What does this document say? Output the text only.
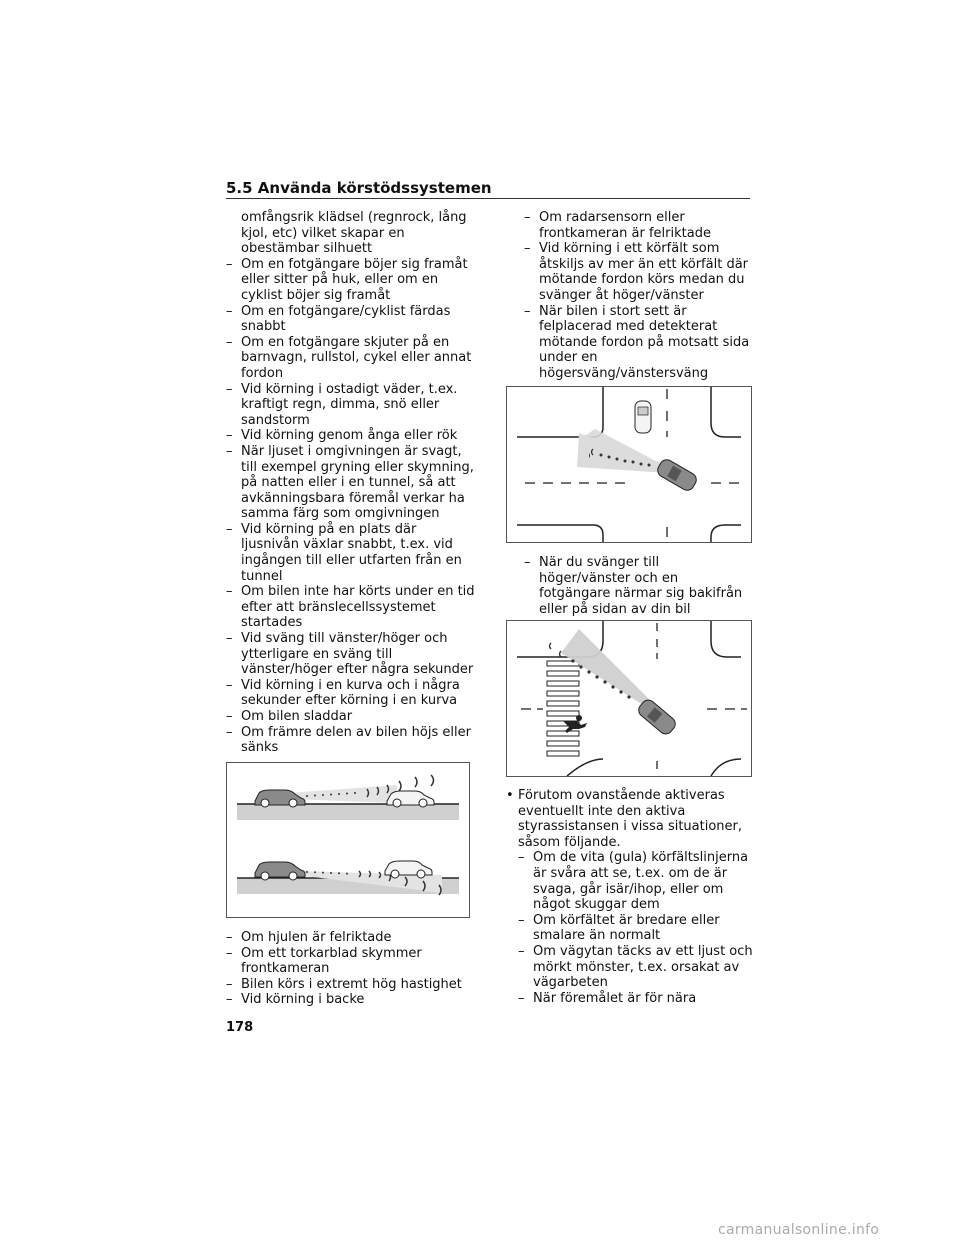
5.5 Använda körstödssystemen
omfångsrik klädsel (regnrock, lång kjol, etc) vilket skapar en obestämbar silhuett
– Om en fotgängare böjer sig framåt eller sitter på huk, eller om en cyklist böjer sig framåt
– Om en fotgängare/cyklist färdas snabbt
– Om en fotgängare skjuter på en barnvagn, rullstol, cykel eller annat fordon
– Vid körning i ostadigt väder, t.ex. kraftigt regn, dimma, snö eller sandstorm
– Vid körning genom ånga eller rök
– När ljuset i omgivningen är svagt, till exempel gryning eller skymning, på natten eller i en tunnel, så att avkänningsbara föremål verkar ha samma färg som omgivningen
– Vid körning på en plats där ljusnivån växlar snabbt, t.ex. vid ingången till eller utfarten från en tunnel
– Om bilen inte har körts under en tid efter att bränslecellssystemet startades
– Vid sväng till vänster/höger och ytterligare en sväng till vänster/höger efter några sekunder
– Vid körning i en kurva och i några sekunder efter körning i en kurva
– Om bilen sladdar
– Om främre delen av bilen höjs eller sänks
– Om hjulen är felriktade
– Om ett torkarblad skymmer frontkameran
– Bilen körs i extremt hög hastighet
– Vid körning i backe
– Om radarsensorn eller frontkameran är felriktade
– Vid körning i ett körfält som åtskiljs av mer än ett körfält där mötande fordon körs medan du svänger åt höger/vänster
– När bilen i stort sett är felplacerad med detekterat mötande fordon på motsatt sida under en högersväng/vänstersväng
– När du svänger till höger/vänster och en fotgängare närmar sig bakifrån eller på sidan av din bil
• Förutom ovanstående aktiveras eventuellt inte den aktiva styrassistansen i vissa situationer, såsom följande.
– Om de vita (gula) körfältslinjerna är svåra att se, t.ex. om de är svaga, går isär/ihop, eller om något skuggar dem
– Om körfältet är bredare eller smalare än normalt
– Om vägytan täcks av ett ljust och mörkt mönster, t.ex. orsakat av vägarbeten
– När föremålet är för nära
178
carmanualsonline.info
